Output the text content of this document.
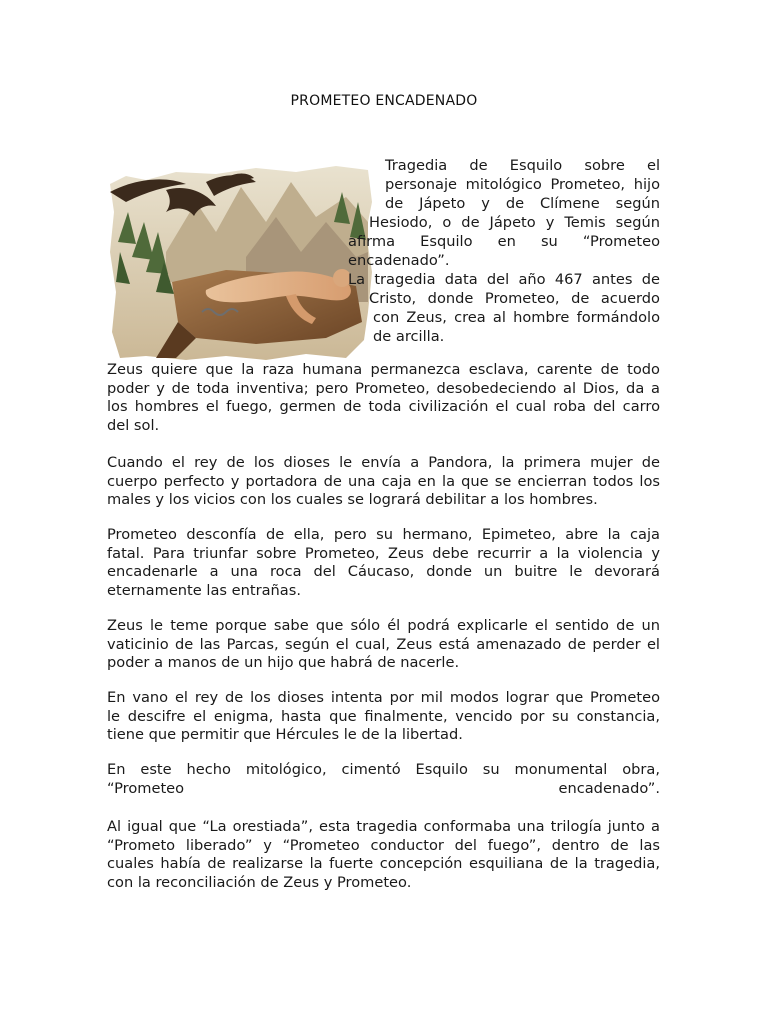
PROMETEO ENCADENADO
Tragedia de Esquilo sobre el
personaje mitológico Prometeo, hijo
de Jápeto y de Clímene según
Hesiodo, o de Jápeto y Temis según
afirma Esquilo en su “Prometeo
encadenado”.
La tragedia data del año 467 antes de
Cristo, donde Prometeo, de acuerdo
con Zeus, crea al hombre formándolo
de arcilla.
Zeus quiere que la raza humana permanezca esclava, carente de todo
poder y de toda inventiva; pero Prometeo, desobedeciendo al Dios, da a
los hombres el fuego, germen de toda civilización el cual roba del carro
del sol.
Cuando el rey de los dioses le envía a Pandora, la primera mujer de
cuerpo perfecto y portadora de una caja en la que se encierran todos los
males y los vicios con los cuales se logrará debilitar a los hombres.
Prometeo desconfía de ella, pero su hermano, Epimeteo, abre la caja
fatal. Para triunfar sobre Prometeo, Zeus debe recurrir a la violencia y
encadenarle a una roca del Cáucaso, donde un buitre le devorará
eternamente las entrañas.
Zeus le teme porque sabe que sólo él podrá explicarle el sentido de un
vaticinio de las Parcas, según el cual, Zeus está amenazado de perder el
poder a manos de un hijo que habrá de nacerle.
En vano el rey de los dioses intenta por mil modos lograr que Prometeo
le descifre el enigma, hasta que finalmente, vencido por su constancia,
tiene que permitir que Hércules le de la libertad.
En este hecho mitológico, cimentó Esquilo su monumental obra,
“Prometeo encadenado”.
Al igual que “La orestiada”, esta tragedia conformaba una trilogía junto a
“Prometo liberado” y “Prometeo conductor del fuego”, dentro de las
cuales había de realizarse la fuerte concepción esquiliana de la tragedia,
con la reconciliación de Zeus y Prometeo.
